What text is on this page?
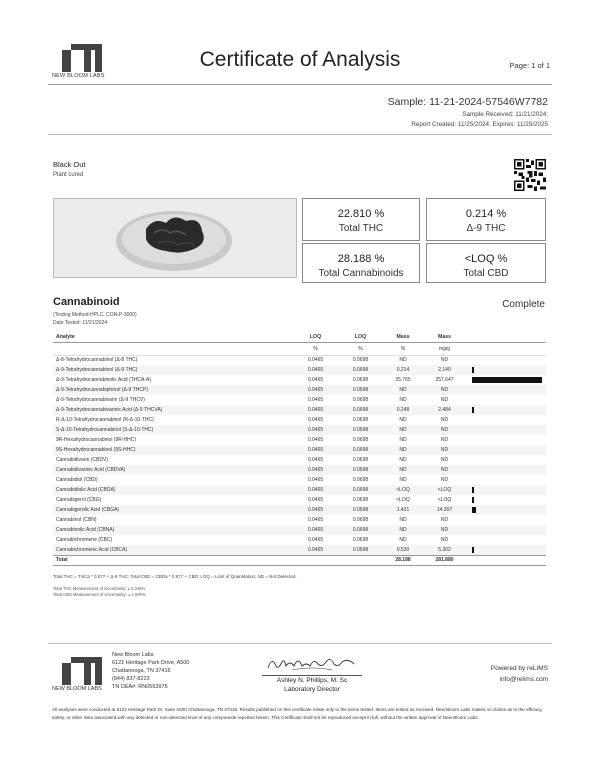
NEW BLOOM LABS
Certificate of Analysis	Page: 1 of 1
Sample: 11-21-2024-57546W7782
Sample Received: 11/21/2024;
Report Created: 11/25/2024; Expires: 11/25/2025
Black Out
Plant cured
22.810 %
Total THC
0.214 %
Δ-9 THC
28.188 %
Total Cannabinoids
<LOQ %
Total CBD
Cannabinoid	Complete
(Testing Method:HPLC, CON-P-3000)
Date Tested: 11/21/2024
Analyte	LOQ	LOQ	Mass	Mass	
	%	%	%	mg/g	
Δ-8-Tetrahydrocannabinol (Δ-8 THC)	0.0465	0.0698	ND	ND	
Δ-9-Tetrahydrocannabinol (Δ-9 THC)	0.0465	0.0698	0.214	2.140	

Δ-9-Tetrahydrocannabinolic Acid (THCA-A)	0.0465	0.0698	25.765	257.647	

Δ-9-Tetrahydrocannabiphorol (Δ-9 THCP)	0.0465	0.0698	ND	ND	
Δ-9-Tetrahydrocannabivarin (Δ-9 THCV)	0.0465	0.0698	ND	ND	
Δ-9-Tetrahydrocannabivarinic Acid (Δ-9 THCVA)	0.0465	0.0698	0.248	2.484	

R-Δ-10-Tetrahydrocannabinol (R-Δ-10-THC)	0.0465	0.0698	ND	ND	
S-Δ-10-Tetrahydrocannabinol (S-Δ-10-THC)	0.0465	0.0698	ND	ND	
9R-Hexahydrocannabinol (9R-HHC)	0.0465	0.0698	ND	ND	
9S-Hexahydrocannabinol (9S-HHC)	0.0465	0.0698	ND	ND	
Cannabidivarin (CBDV)	0.0465	0.0698	ND	ND	
Cannabidivarinic Acid (CBDVA)	0.0465	0.0698	ND	ND	
Cannabidiol (CBD)	0.0465	0.0698	ND	ND	
Cannabidiolic Acid (CBDA)	0.0465	0.0698	<LOQ	<LOQ	

Cannabigerol (CBG)	0.0465	0.0698	<LOQ	<LOQ	

Cannabigerolic Acid (CBGA)	0.0465	0.0698	1.431	14.307	

Cannabinol (CBN)	0.0465	0.0698	ND	ND	
Cannabinolic Acid (CBNA)	0.0465	0.0698	ND	ND	
Cannabichromene (CBC)	0.0465	0.0698	ND	ND	
Cannabichromenic Acid (CBCA)	0.0465	0.0698	0.530	5.302	

Total			28.188	281.880	
Total THC = THCa * 0.877 + Δ-9 THC; Total CBD = CBDa * 0.877 + CBD; LOQ = Limit of Quantitation; ND = Not Detected.
Total THC Measurement of Uncertainty: ± 0.246%
Total CBD Measurement of Uncertainty: ± 2.000%
NEW BLOOM LABS
New Bloom Labs
6121 Heritage Park Drive, A500
Chattanooga, TN 37416
(844) 837-8223
TN DEA#: RN0563975
Ashley N. Phillips, M. Sc
Laboratory Director
Powered by reLIMS
info@relims.com
All analyses were conducted at 6121 Heritage Park Dr, Suite A500 Chattanooga, TN 37416. Results published on this certificate relate only to the items tested. Items are tested as received. New Bloom Labs makes no claims as to the efficacy, safety, or other risks associated with any detected or non-detected level of any compounds reported herein. This Certificate shall not be reproduced except in full, without the written approval of New Bloom Labs.
